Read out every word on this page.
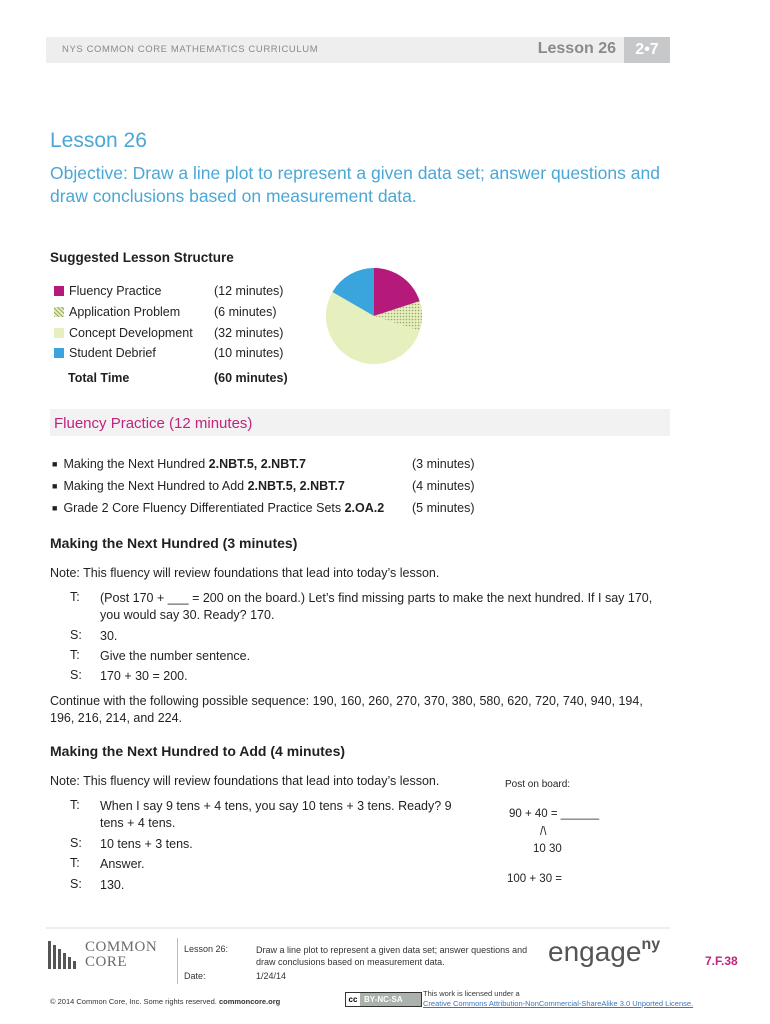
NYS COMMON CORE MATHEMATICS CURRICULUM	Lesson 26	2•7
Lesson 26
Objective: Draw a line plot to represent a given data set; answer questions and draw conclusions based on measurement data.
Suggested Lesson Structure
Fluency Practice	(12 minutes)
Application Problem	(6 minutes)
Concept Development (32 minutes)
Student Debrief	(10 minutes)
Total Time	(60 minutes)
Fluency Practice (12 minutes)
■ Making the Next Hundred 2.NBT.5, 2.NBT.7	(3 minutes)
■ Making the Next Hundred to Add 2.NBT.5, 2.NBT.7	(4 minutes)
■ Grade 2 Core Fluency Differentiated Practice Sets 2.OA.2 (5 minutes)
Making the Next Hundred (3 minutes)
Note: This fluency will review foundations that lead into today’s lesson.
T: (Post 170 + ___ = 200 on the board.) Let’s find missing parts to make the next hundred. If I say 170, you would say 30. Ready? 170.
S: 30.
T: Give the number sentence.
S: 170 + 30 = 200.
Continue with the following possible sequence: 190, 160, 260, 270, 370, 380, 580, 620, 720, 740, 940, 194, 196, 216, 214, and 224.
Making the Next Hundred to Add (4 minutes)
Note: This fluency will review foundations that lead into today’s lesson.
T: When I say 9 tens + 4 tens, you say 10 tens + 3 tens. Ready? 9 tens + 4 tens.
S: 10 tens + 3 tens.
T: Answer.
S: 130.
Post on board:
90 + 40 = ______
/\
10 30
100 + 30 =
COMMON
CORE
Lesson 26:	Draw a line plot to represent a given data set; answer questions and draw conclusions based on measurement data.
Date:	1/24/14
engage$^{ny}$
7.F.38
cc BY-NC-SA
© 2014 Common Core, Inc. Some rights reserved. commoncore.org
This work is licensed under a
Creative Commons Attribution-NonCommercial-ShareAlike 3.0 Unported License.
